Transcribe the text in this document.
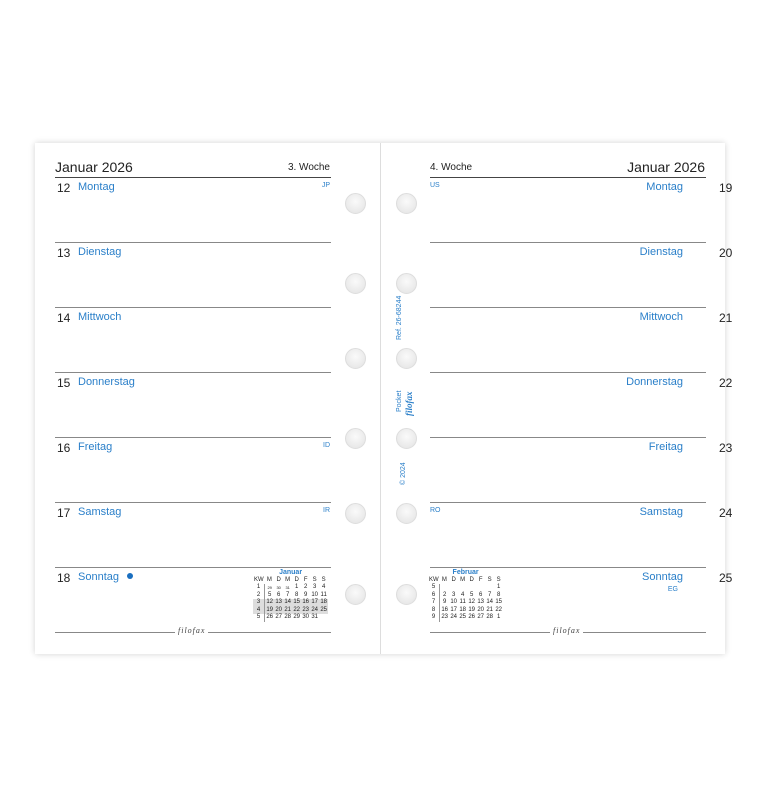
Januar 2026	3. Woche
12 Montag	JP
13 Dienstag
14 Mittwoch
15 Donnerstag
16 Freitag	ID
17 Samstag	IR
18 Sonntag
filofax
Januar							
KW	M	D	M	D	F	S	S
1	29	30	31	1	2	3	4
2	5	6	7	8	9	10	11
3	12	13	14	15	16	17	18
4	19	20	21	22	23	24	25
5	26	27	28	29	30	31	
Januar 2026
4. Woche
19
Montag
US
20
Dienstag
21
Mittwoch
22
Donnerstag
23
Freitag
24
Samstag
RO
25
Sonntag
EG
filofax
Februar							
KW	M	D	M	D	F	S	S
5							1
6	2	3	4	5	6	7	8
7	9	10	11	12	13	14	15
8	16	17	18	19	20	21	22
9	23	24	25	26	27	28	1
Ref. 26-68244
Pocket filofax
© 2024
